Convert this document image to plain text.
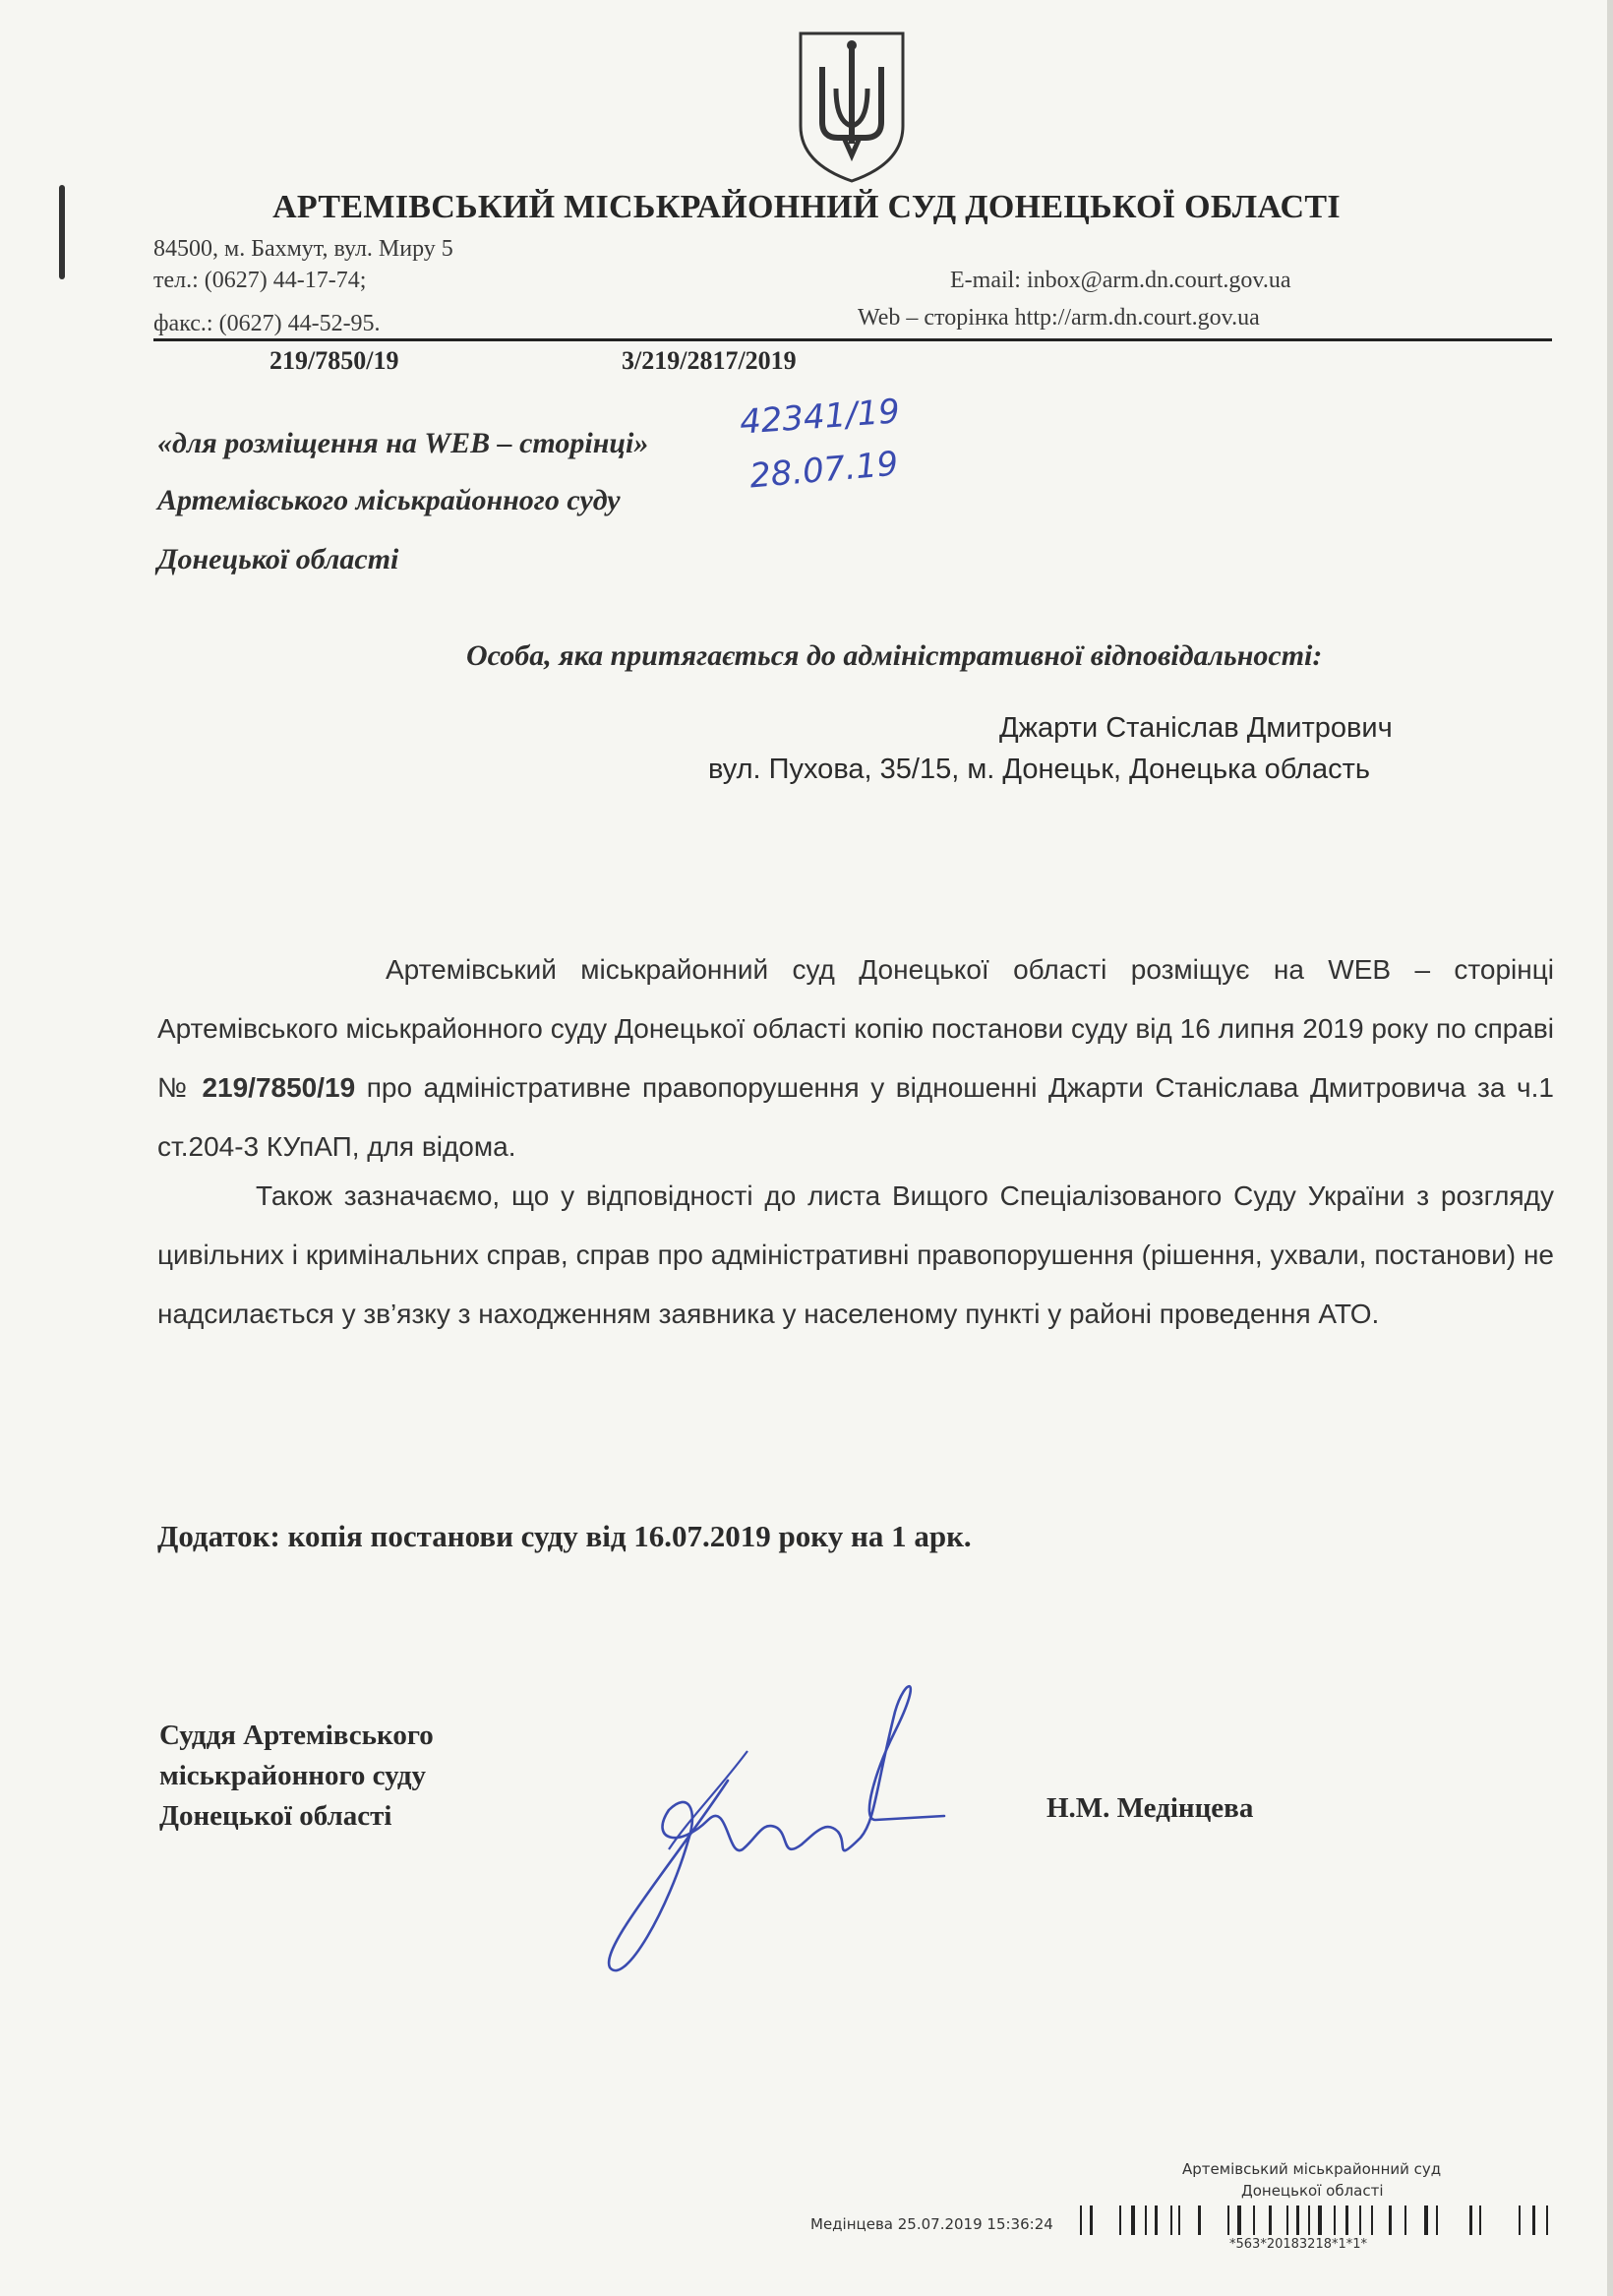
АРТЕМІВСЬКИЙ МІСЬКРАЙОННИЙ СУД ДОНЕЦЬКОЇ ОБЛАСТІ
84500, м. Бахмут, вул. Миру 5
тел.: (0627) 44-17-74;
факс.: (0627) 44-52-95.
E-mail: inbox@arm.dn.court.gov.ua
Web – сторінка http://arm.dn.court.gov.ua
219/7850/19	3/219/2817/2019
42341/19
28.07.19
«для розміщення на WEB – сторінці»
Артемівського міськрайонного суду
Донецької області
Особа, яка притягається до адміністративної відповідальності:
Джарти Станіслав Дмитрович
вул. Пухова, 35/15, м. Донецьк, Донецька область
Артемівський міськрайонний суд Донецької області розміщує на WEB – сторінці Артемівського міськрайонного суду Донецької області копію постанови суду від 16 липня 2019 року по справі № 219/7850/19 про адміністративне правопорушення у відношенні Джарти Станіслава Дмитровича за ч.1 ст.204-3 КУпАП, для відома.
Також зазначаємо, що у відповідності до листа Вищого Спеціалізованого Суду України з розгляду цивільних і кримінальних справ, справ про адміністративні правопорушення (рішення, ухвали, постанови) не надсилається у зв’язку з находженням заявника у населеному пункті у районі проведення АТО.
Додаток: копія постанови суду від 16.07.2019 року на 1 арк.
Суддя Артемівського
міськрайонного суду
Донецької області	Н.М. Медінцева
Артемівський міськрайонний суд
Донецької області
Медінцева 25.07.2019 15:36:24
*563*20183218*1*1*
